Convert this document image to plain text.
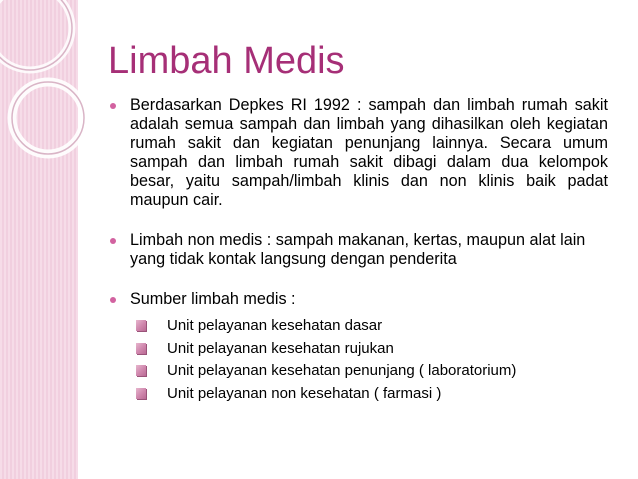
Limbah Medis

Berdasarkan Depkes RI 1992 : sampah dan limbah rumah sakit adalah semua sampah dan limbah yang dihasilkan oleh kegiatan rumah sakit dan kegiatan penunjang lainnya. Secara umum sampah dan limbah rumah sakit dibagi dalam dua kelompok besar, yaitu sampah/limbah klinis dan non klinis baik padat maupun cair.

Limbah non medis : sampah makanan, kertas, maupun alat lain yang tidak kontak langsung dengan penderita

Sumber limbah medis :

Unit pelayanan kesehatan dasar
Unit pelayanan kesehatan rujukan
Unit pelayanan kesehatan penunjang ( laboratorium)
Unit pelayanan non kesehatan ( farmasi )
